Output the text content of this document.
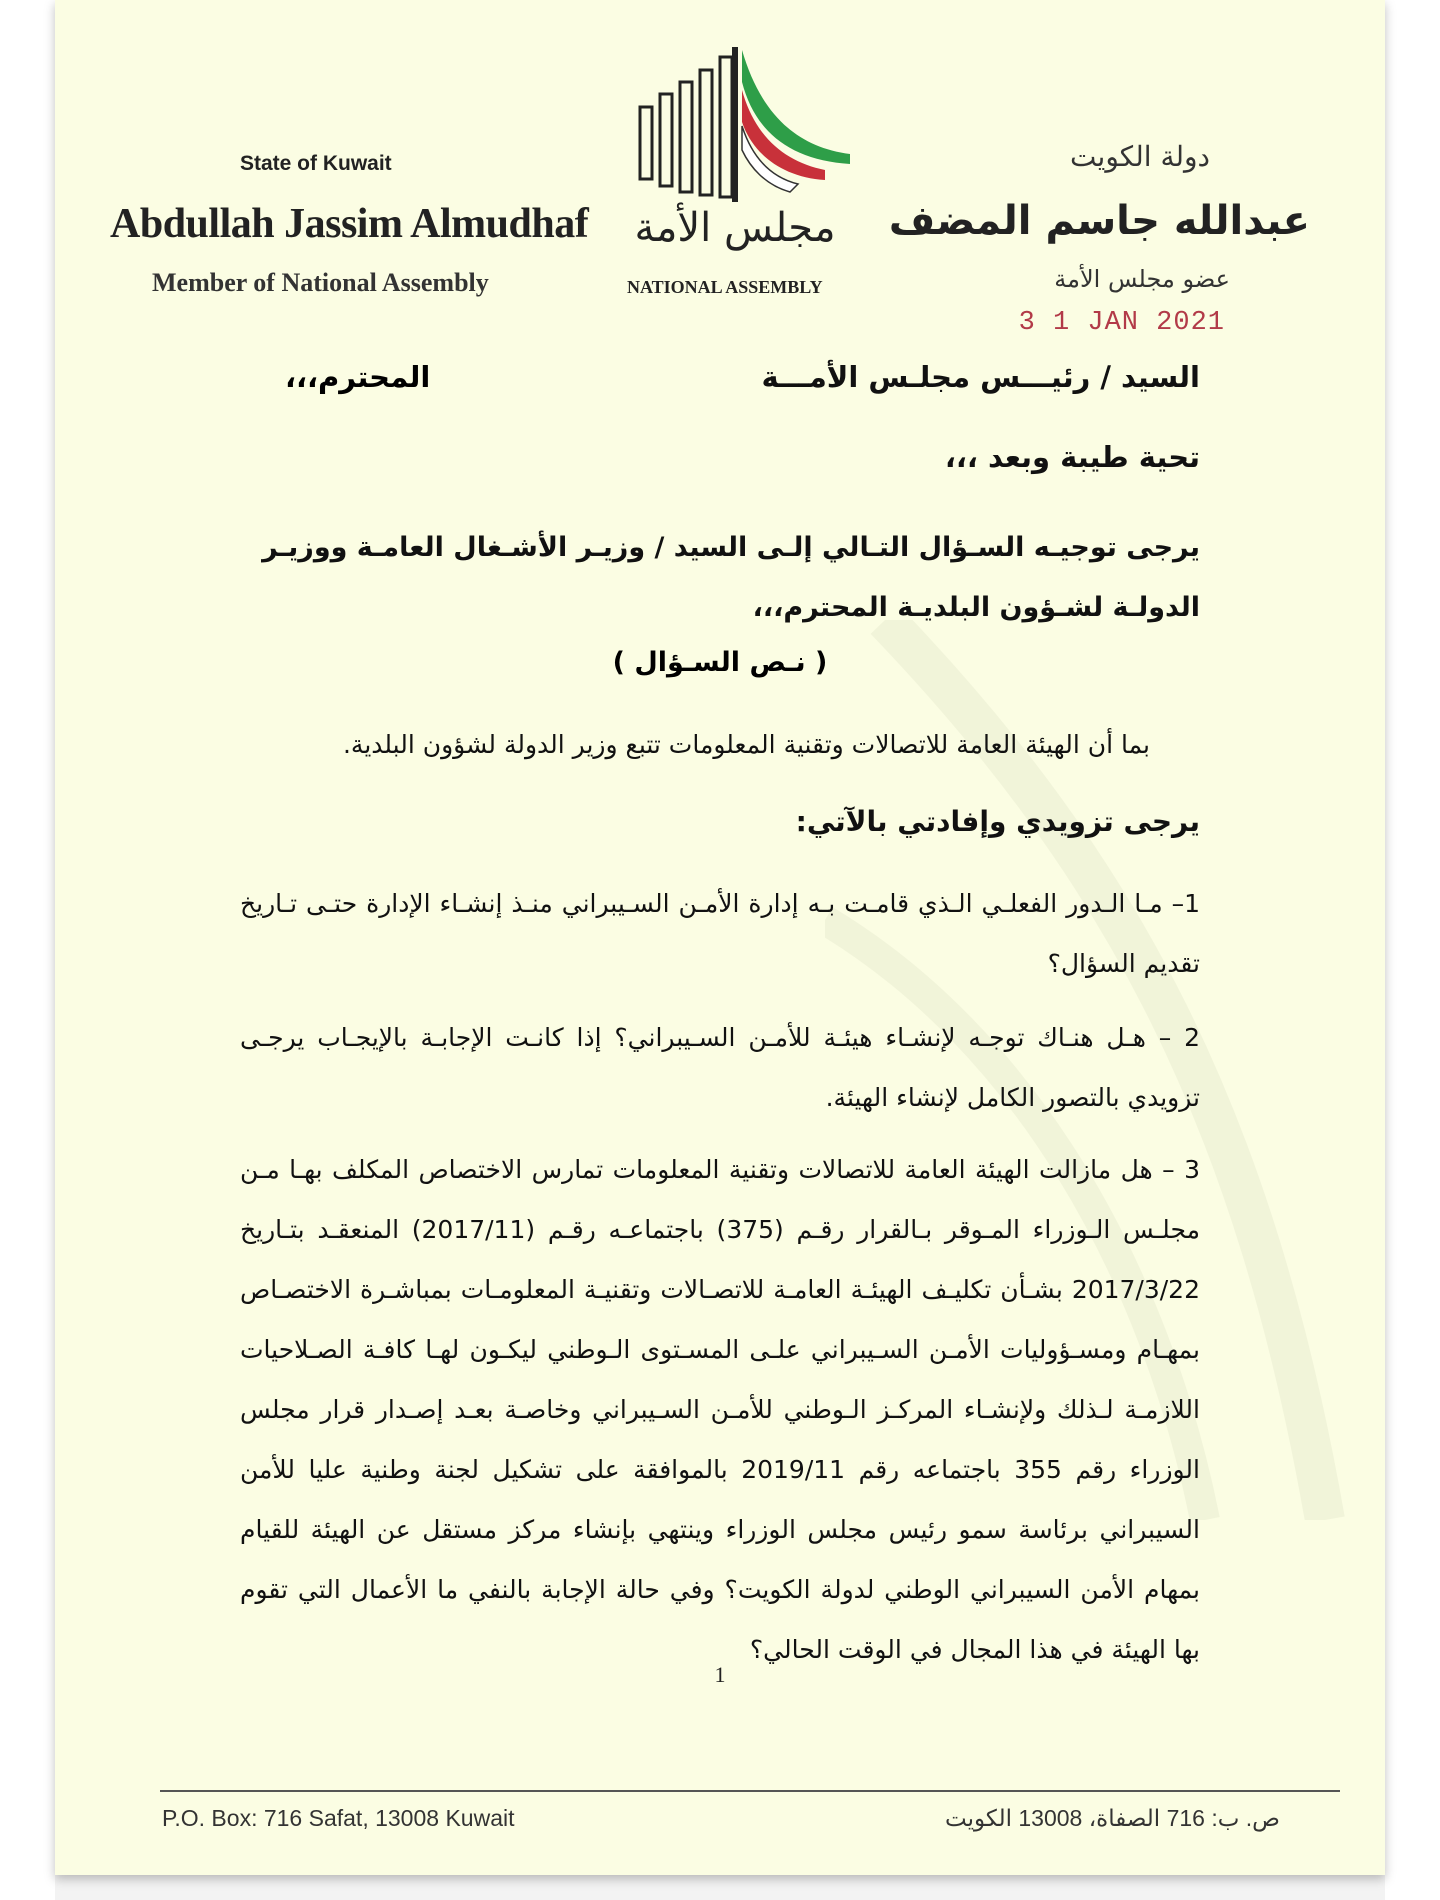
State of Kuwait
Abdullah Jassim Almudhaf
Member of National Assembly
مجلس الأمة
NATIONAL ASSEMBLY
دولة الكويت
عبدالله جاسم المضف
عضو مجلس الأمة
3 1 JAN 2021
السيد / رئيـــس مجلـس الأمـــة
المحترم،،،
تحية طيبة وبعد ،،،
يرجى توجيـه السـؤال التـالي إلـى السيد / وزيـر الأشـغال العامـة ووزيـر الدولـة لشـؤون البلديـة المحترم،،،
( نـص السـؤال )
بما أن الهيئة العامة للاتصالات وتقنية المعلومات تتبع وزير الدولة لشؤون البلدية.
يرجى تزويدي وإفادتي بالآتي:
1– مـا الـدور الفعلـي الـذي قامـت بـه إدارة الأمـن السـيبراني منـذ إنشـاء الإدارة حتـى تـاريخ تقديم السؤال؟
2 – هـل هنـاك توجـه لإنشـاء هيئـة للأمـن السـيبراني؟ إذا كانـت الإجابـة بالإيجـاب يرجـى تزويدي بالتصور الكامل لإنشاء الهيئة.
3 – هل مازالت الهيئة العامة للاتصالات وتقنية المعلومات تمارس الاختصاص المكلف بهـا مـن مجلـس الـوزراء المـوقر بـالقرار رقـم (375) باجتماعـه رقـم (2017/11) المنعقـد بتـاريخ 2017/3/22 بشـأن تكليـف الهيئـة العامـة للاتصـالات وتقنيـة المعلومـات بمباشـرة الاختصـاص بمهـام ومسـؤوليات الأمـن السـيبراني علـى المسـتوى الـوطني ليكـون لهـا كافـة الصـلاحيات اللازمـة لـذلك ولإنشـاء المركـز الـوطني للأمـن السـيبراني وخاصـة بعـد إصـدار قرار مجلس الوزراء رقم 355 باجتماعه رقم 2019/11 بالموافقة على تشكيل لجنة وطنية عليا للأمن السيبراني برئاسة سمو رئيس مجلس الوزراء وينتهي بإنشاء مركز مستقل عن الهيئة للقيام بمهام الأمن السيبراني الوطني لدولة الكويت؟ وفي حالة الإجابة بالنفي ما الأعمال التي تقوم بها الهيئة في هذا المجال في الوقت الحالي؟
1
P.O. Box: 716 Safat, 13008 Kuwait	ص. ب: 716 الصفاة، 13008 الكويت
